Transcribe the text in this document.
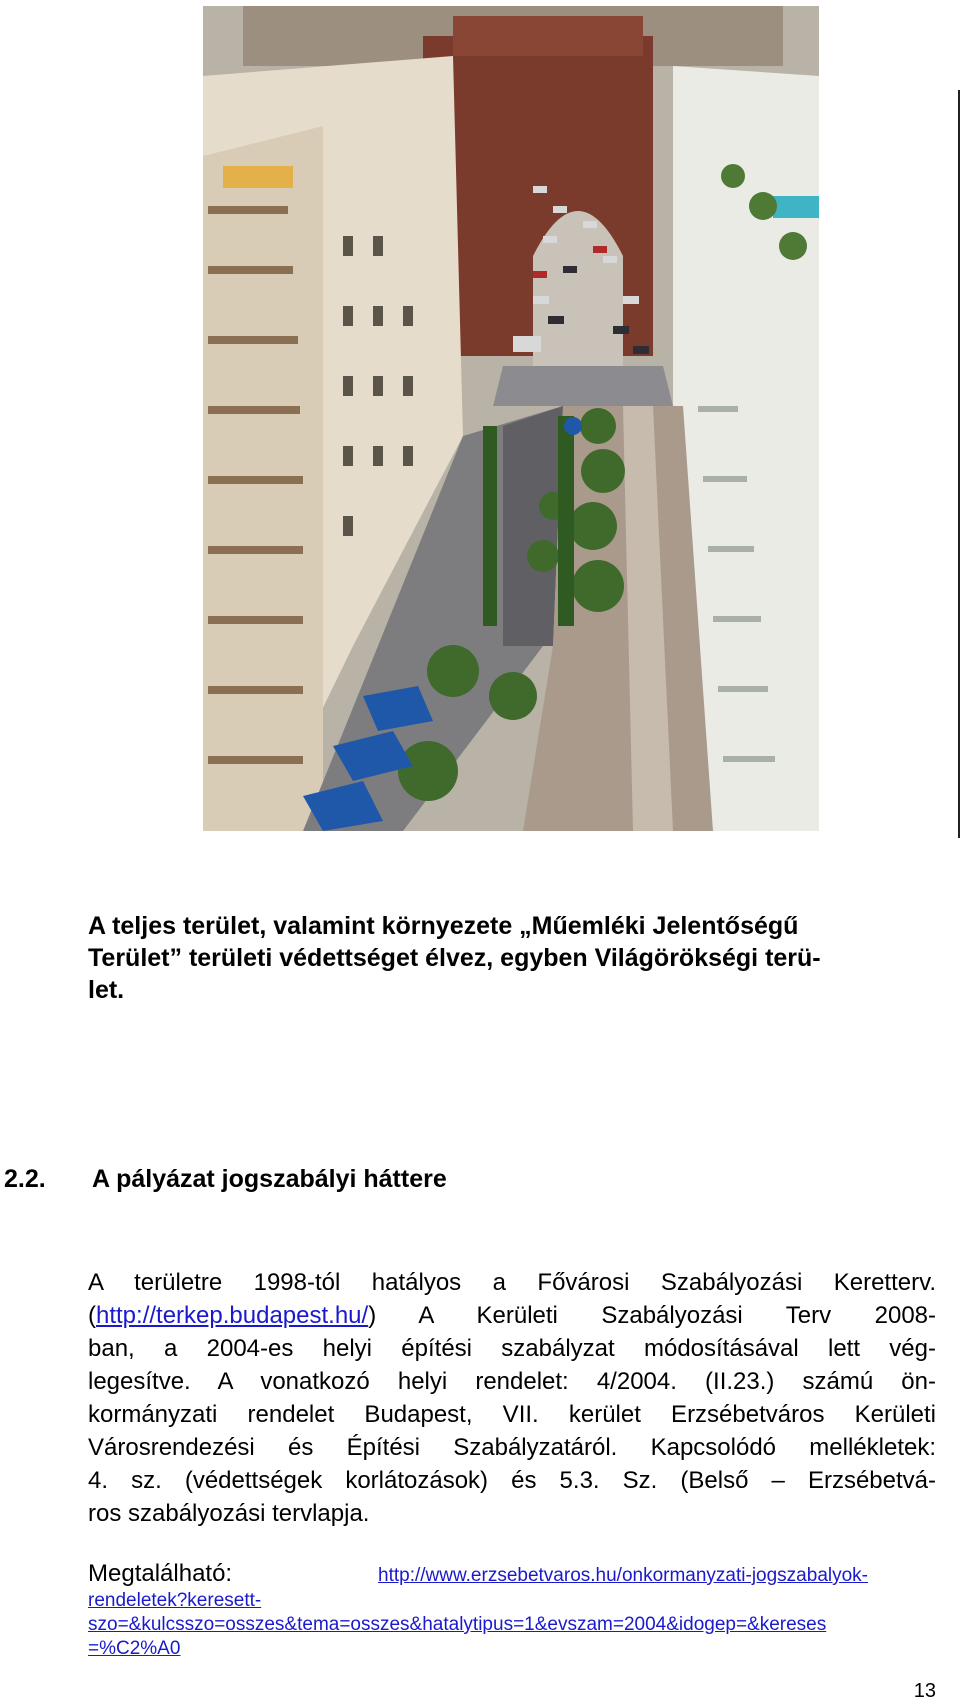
A teljes terület, valamint környezete „Műemléki Jelentőségű
Terület” területi védettséget élvez, egyben Világörökségi terü-
let.
2.2. A pályázat jogszabályi háttere
A területre 1998-tól hatályos a Fővárosi Szabályozási Keretterv.
(http://terkep.budapest.hu/) A Kerületi Szabályozási Terv 2008-
ban, a 2004-es helyi építési szabályzat módosításával lett vég-
legesítve. A vonatkozó helyi rendelet: 4/2004. (II.23.) számú ön-
kormányzati rendelet Budapest, VII. kerület Erzsébetváros Kerületi
Városrendezési és Építési Szabályzatáról. Kapcsolódó mellékletek:
4. sz. (védettségek korlátozások) és 5.3. Sz. (Belső – Erzsébetvá-
ros szabályozási tervlapja.
Megtalálható:	http://www.erzsebetvaros.hu/onkormanyzati-jogszabalyok-
rendeletek?keresett-
szo=&kulcsszo=osszes&tema=osszes&hatalytipus=1&evszam=2004&idogep=&kereses
=%C2%A0
13
